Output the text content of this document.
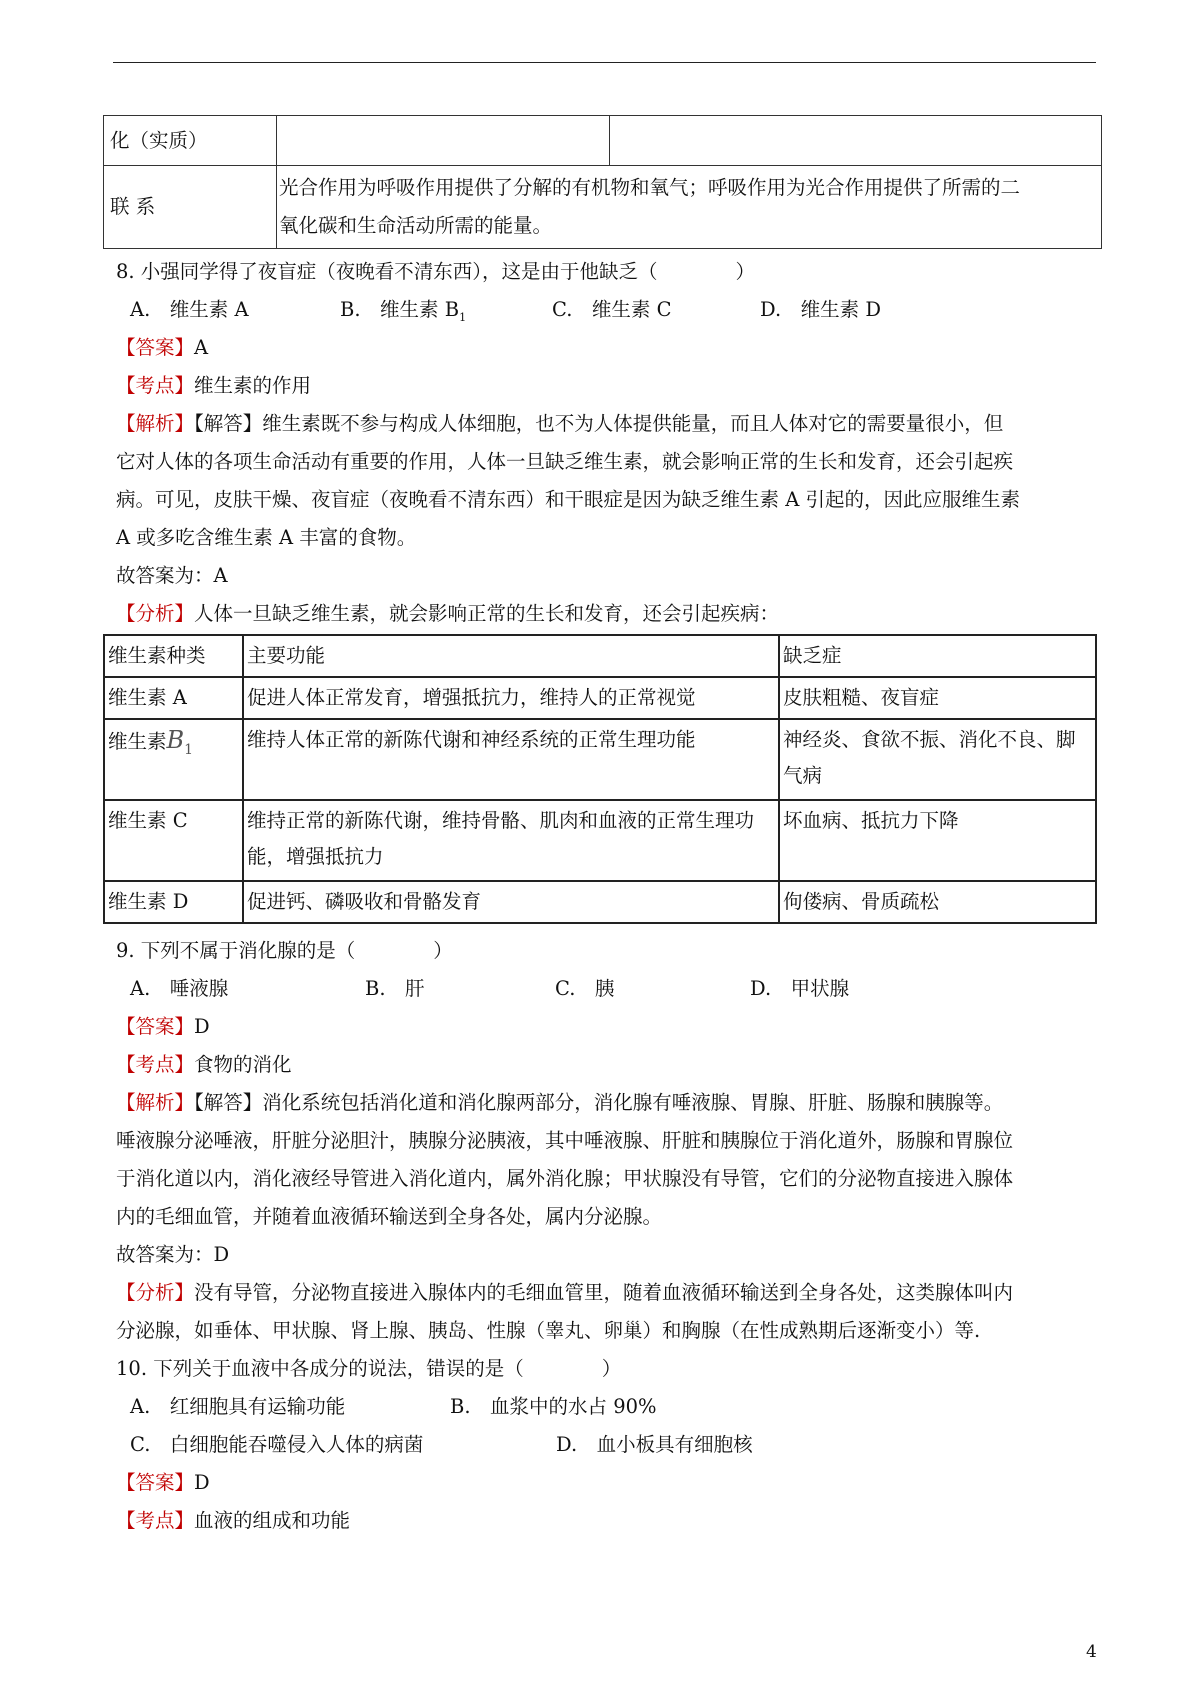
化（实质）		
联 系	光合作用为呼吸作用提供了分解的有机物和氧气；呼吸作用为光合作用提供了所需的二
氧化碳和生命活动所需的能量。	
8. 小强同学得了夜盲症（夜晚看不清东西），这是由于他缺乏（　　　　）
A.　维生素 A	B.　维生素 $B_1$	C.　维生素 C	D.　维生素 D
【答案】A
【考点】维生素的作用
【解析】【解答】维生素既不参与构成人体细胞，也不为人体提供能量，而且人体对它的需要量很小，但
它对人体的各项生命活动有重要的作用，人体一旦缺乏维生素，就会影响正常的生长和发育，还会引起疾
病。可见，皮肤干燥、夜盲症（夜晚看不清东西）和干眼症是因为缺乏维生素 A 引起的，因此应服维生素
A 或多吃含维生素 A 丰富的食物。
故答案为：A
【分析】人体一旦缺乏维生素，就会影响正常的生长和发育，还会引起疾病：
维生素种类	主要功能	缺乏症
维生素 A	促进人体正常发育，增强抵抗力，维持人的正常视觉	皮肤粗糙、夜盲症
维生素$B_1$	维持人体正常的新陈代谢和神经系统的正常生理功能	神经炎、食欲不振、消化不良、脚气病
维生素 C	维持正常的新陈代谢，维持骨骼、肌肉和血液的正常生理功能，增强抵抗力	坏血病、抵抗力下降
维生素 D	促进钙、磷吸收和骨骼发育	佝偻病、骨质疏松
9. 下列不属于消化腺的是（　　　　）
A.　唾液腺	B.　肝	C.　胰	D.　甲状腺
【答案】D
【考点】食物的消化
【解析】【解答】消化系统包括消化道和消化腺两部分，消化腺有唾液腺、胃腺、肝脏、肠腺和胰腺等。
唾液腺分泌唾液，肝脏分泌胆汁，胰腺分泌胰液，其中唾液腺、肝脏和胰腺位于消化道外，肠腺和胃腺位
于消化道以内，消化液经导管进入消化道内，属外消化腺；甲状腺没有导管，它们的分泌物直接进入腺体
内的毛细血管，并随着血液循环输送到全身各处，属内分泌腺。
故答案为：D
【分析】没有导管，分泌物直接进入腺体内的毛细血管里，随着血液循环输送到全身各处，这类腺体叫内
分泌腺，如垂体、甲状腺、肾上腺、胰岛、性腺（睾丸、卵巢）和胸腺（在性成熟期后逐渐变小）等.
10. 下列关于血液中各成分的说法，错误的是（　　　　）
A.　红细胞具有运输功能	B.　血浆中的水占 90%
C.　白细胞能吞噬侵入人体的病菌	D.　血小板具有细胞核
【答案】D
【考点】血液的组成和功能
4
